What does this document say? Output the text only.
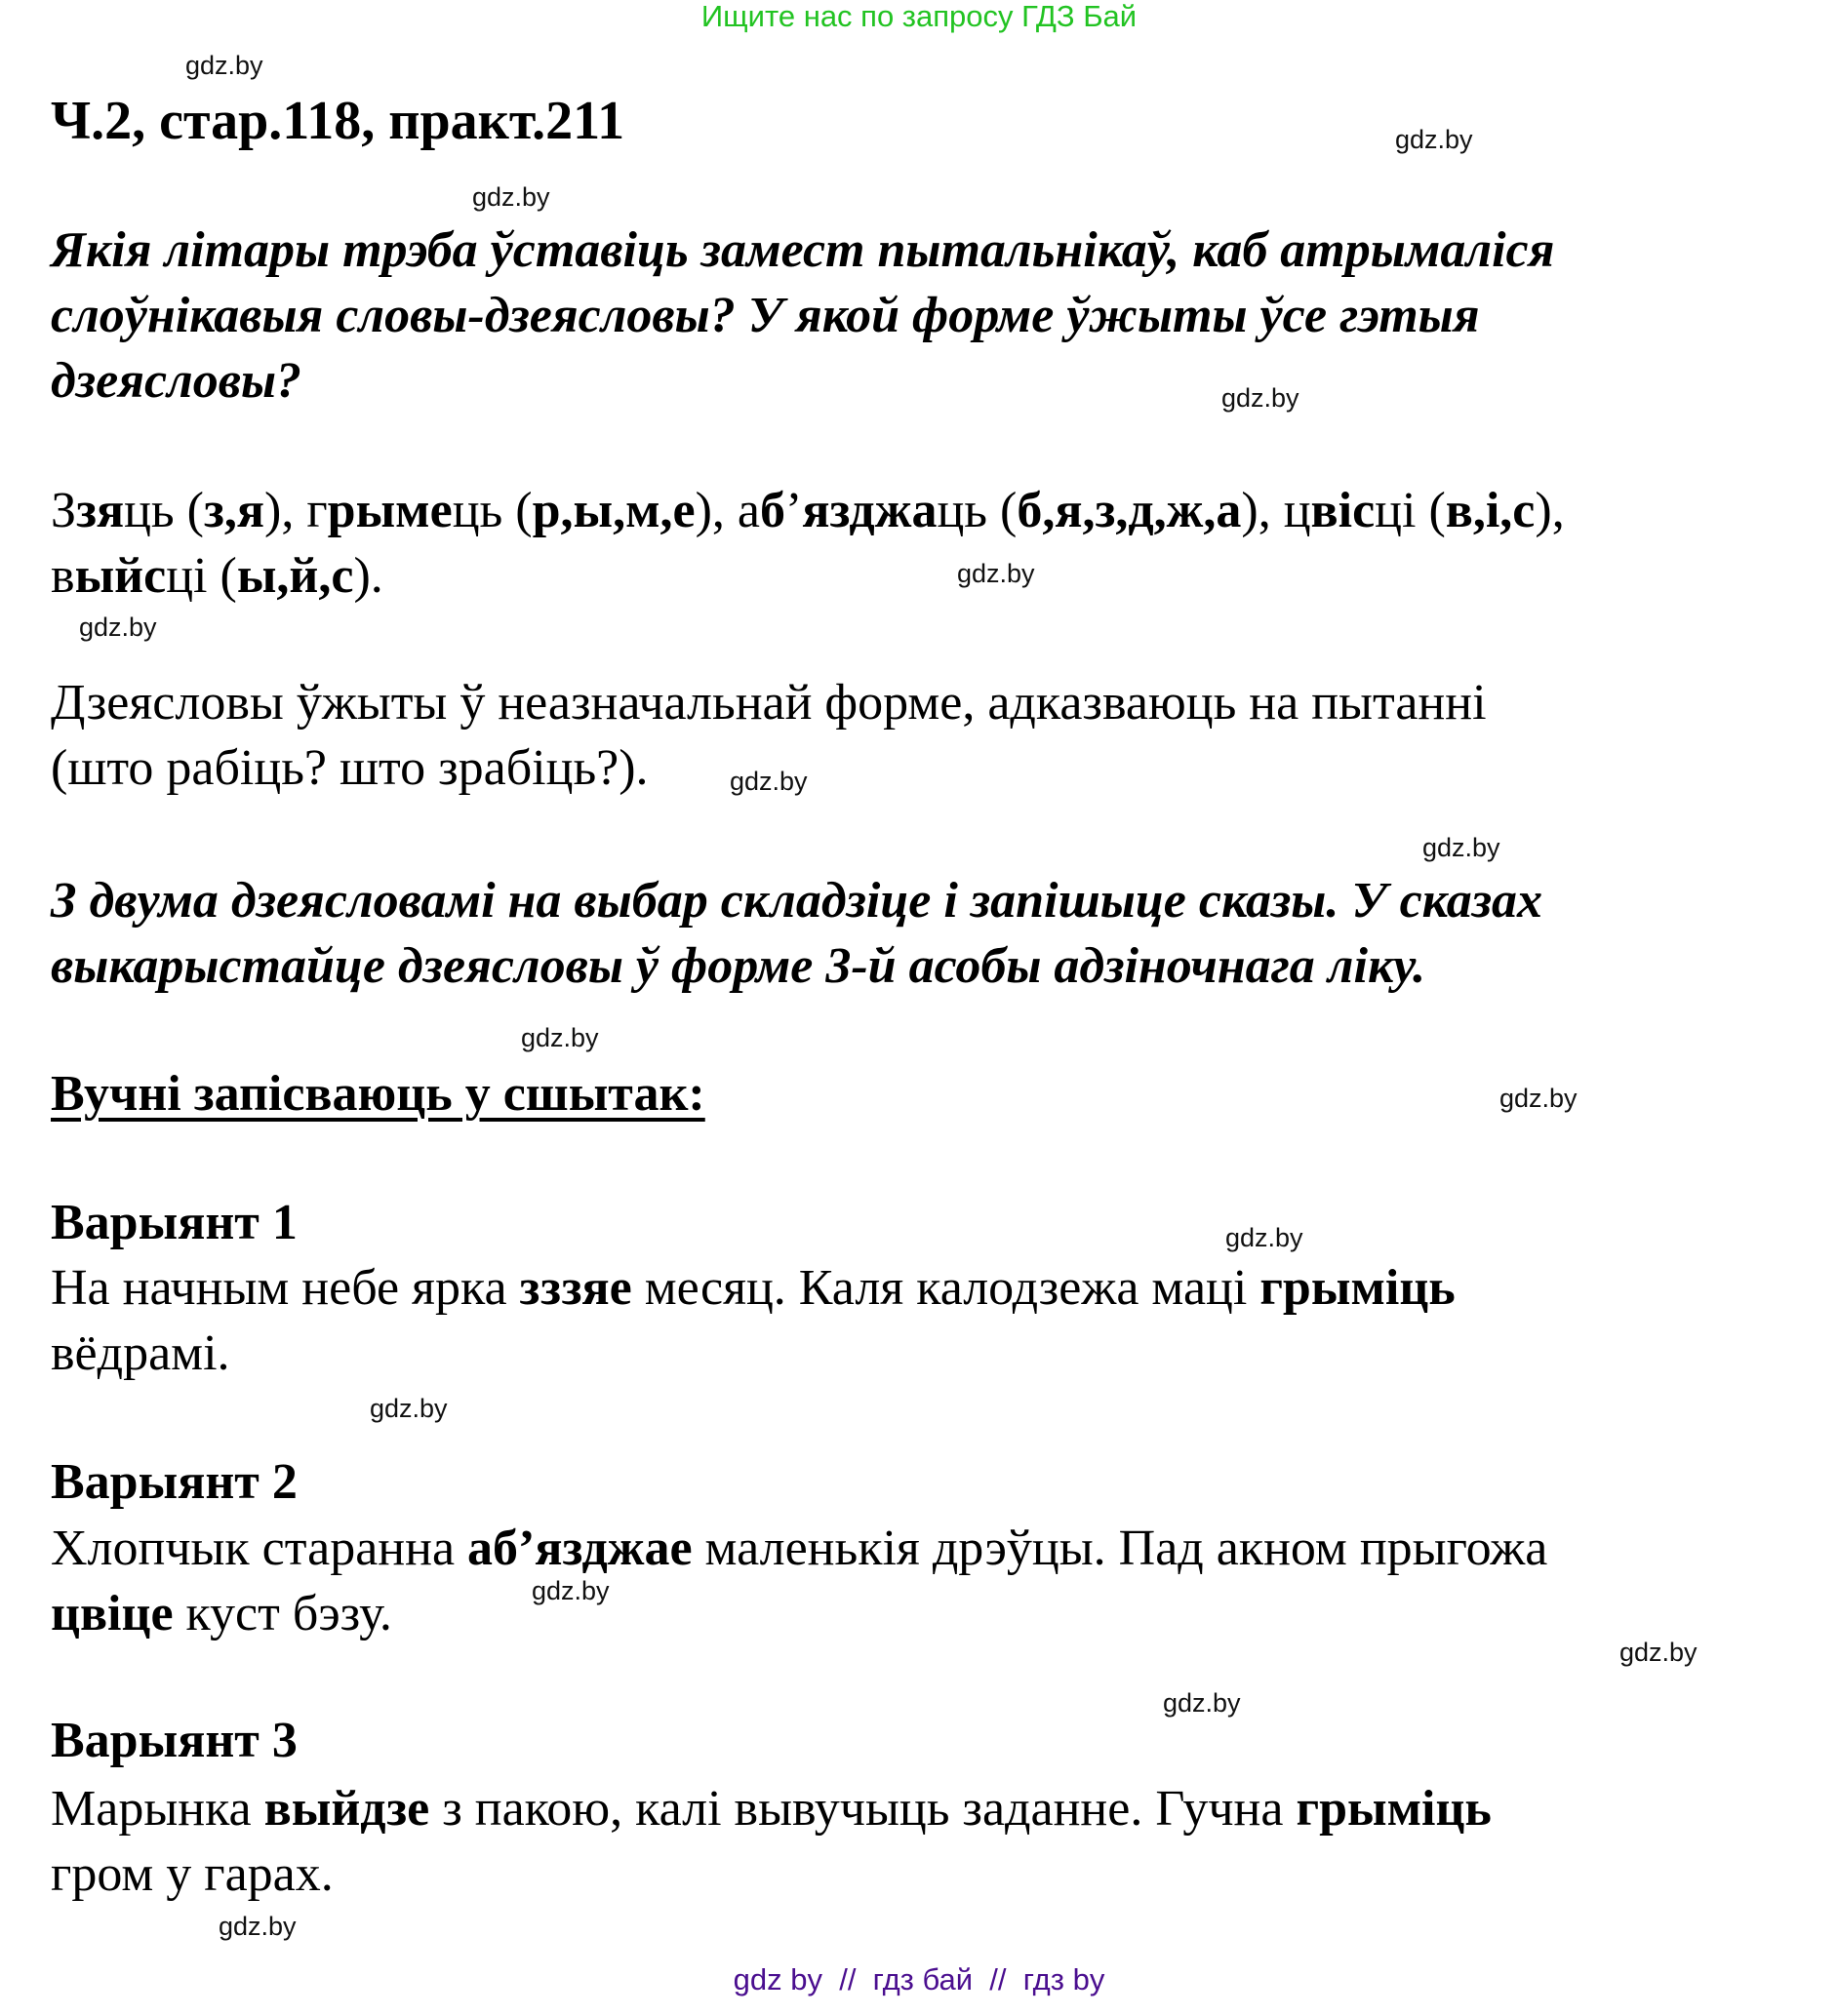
Ищите нас по запросу ГДЗ Бай
Ч.2, стар.118, практ.211
Якія літары трэба ўставіць замест пытальнікаў, каб атрымаліся
слоўнікавыя словы-дзеясловы? У якой форме ўжыты ўсе гэтыя
дзеясловы?
Ззяць (з,я), грымець (р,ы,м,е), аб’язджаць (б,я,з,д,ж,а), цвісці (в,і,с),
выйсці (ы,й,с).
Дзеясловы ўжыты ў неазначальнай форме, адказваюць на пытанні
(што рабіць? што зрабіць?).
З двума дзеясловамі на выбар складзіце і запішыце сказы. У сказах
выкарыстайце дзеясловы ў форме 3-й асобы адзіночнага ліку.
Вучні запісваюць у сшытак:
Варыянт 1
На начным небе ярка зззяе месяц. Каля калодзежа маці грыміць
вёдрамі.
Варыянт 2
Хлопчык старанна аб’язджае маленькія дрэўцы. Пад акном прыгожа
цвіце куст бэзу.
Варыянт 3
Марынка выйдзе з пакою, калі вывучыць заданне. Гучна грыміць
гром у гарах.
gdz.by
gdz.by
gdz.by
gdz.by
gdz.by
gdz.by
gdz.by
gdz.by
gdz.by
gdz.by
gdz.by
gdz.by
gdz.by
gdz.by
gdz.by
gdz.by
gdz by  //  гдз бай  //  гдз by
